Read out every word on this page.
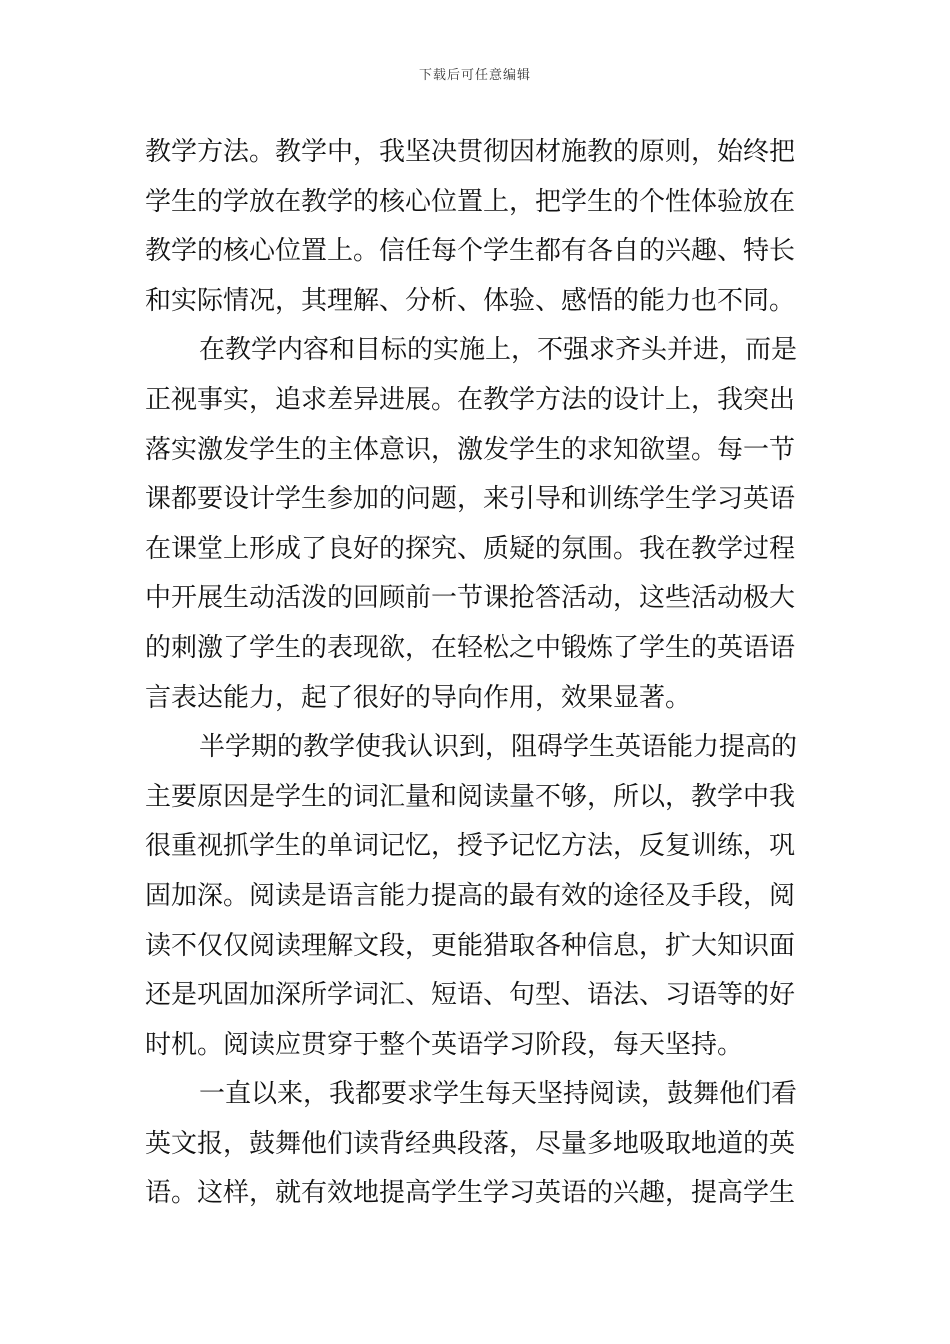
下载后可任意编辑
教学方法。教学中，我坚决贯彻因材施教的原则，始终把
学生的学放在教学的核心位置上，把学生的个性体验放在
教学的核心位置上。信任每个学生都有各自的兴趣、特长
和实际情况，其理解、分析、体验、感悟的能力也不同。
在教学内容和目标的实施上，不强求齐头并进，而是
正视事实，追求差异进展。在教学方法的设计上，我突出
落实激发学生的主体意识，激发学生的求知欲望。每一节
课都要设计学生参加的问题，来引导和训练学生学习英语
在课堂上形成了良好的探究、质疑的氛围。我在教学过程
中开展生动活泼的回顾前一节课抢答活动，这些活动极大
的刺激了学生的表现欲，在轻松之中锻炼了学生的英语语
言表达能力，起了很好的导向作用，效果显著。
半学期的教学使我认识到，阻碍学生英语能力提高的
主要原因是学生的词汇量和阅读量不够，所以，教学中我
很重视抓学生的单词记忆，授予记忆方法，反复训练，巩
固加深。阅读是语言能力提高的最有效的途径及手段，阅
读不仅仅阅读理解文段，更能猎取各种信息，扩大知识面
还是巩固加深所学词汇、短语、句型、语法、习语等的好
时机。阅读应贯穿于整个英语学习阶段，每天坚持。
一直以来，我都要求学生每天坚持阅读，鼓舞他们看
英文报，鼓舞他们读背经典段落，尽量多地吸取地道的英
语。这样，就有效地提高学生学习英语的兴趣，提高学生
